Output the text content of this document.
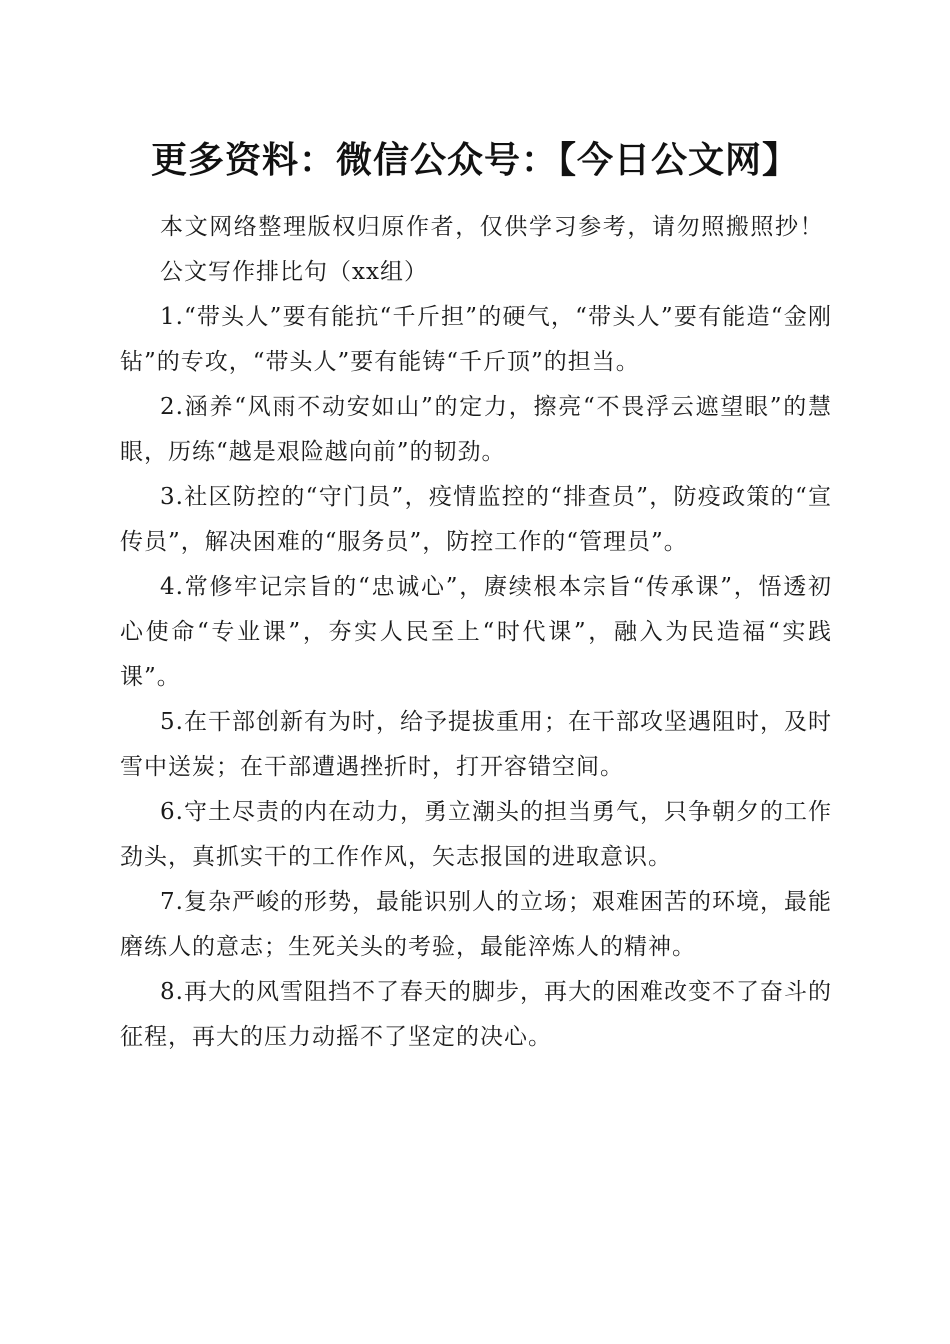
更多资料：微信公众号：【今日公文网】

本文网络整理版权归原作者，仅供学习参考，请勿照搬照抄！

公文写作排比句（xx组）

1.“带头人”要有能抗“千斤担”的硬气，“带头人”要有能造“金刚钻”的专攻，“带头人”要有能铸“千斤顶”的担当。

2.涵养“风雨不动安如山”的定力，擦亮“不畏浮云遮望眼”的慧眼，历练“越是艰险越向前”的韧劲。

3.社区防控的“守门员”，疫情监控的“排查员”，防疫政策的“宣传员”，解决困难的“服务员”，防控工作的“管理员”。

4.常修牢记宗旨的“忠诚心”，赓续根本宗旨“传承课”，悟透初心使命“专业课”，夯实人民至上“时代课”，融入为民造福“实践课”。

5.在干部创新有为时，给予提拔重用；在干部攻坚遇阻时，及时雪中送炭；在干部遭遇挫折时，打开容错空间。

6.守土尽责的内在动力，勇立潮头的担当勇气，只争朝夕的工作劲头，真抓实干的工作作风，矢志报国的进取意识。

7.复杂严峻的形势，最能识别人的立场；艰难困苦的环境，最能磨练人的意志；生死关头的考验，最能淬炼人的精神。

8.再大的风雪阻挡不了春天的脚步，再大的困难改变不了奋斗的征程，再大的压力动摇不了坚定的决心。
